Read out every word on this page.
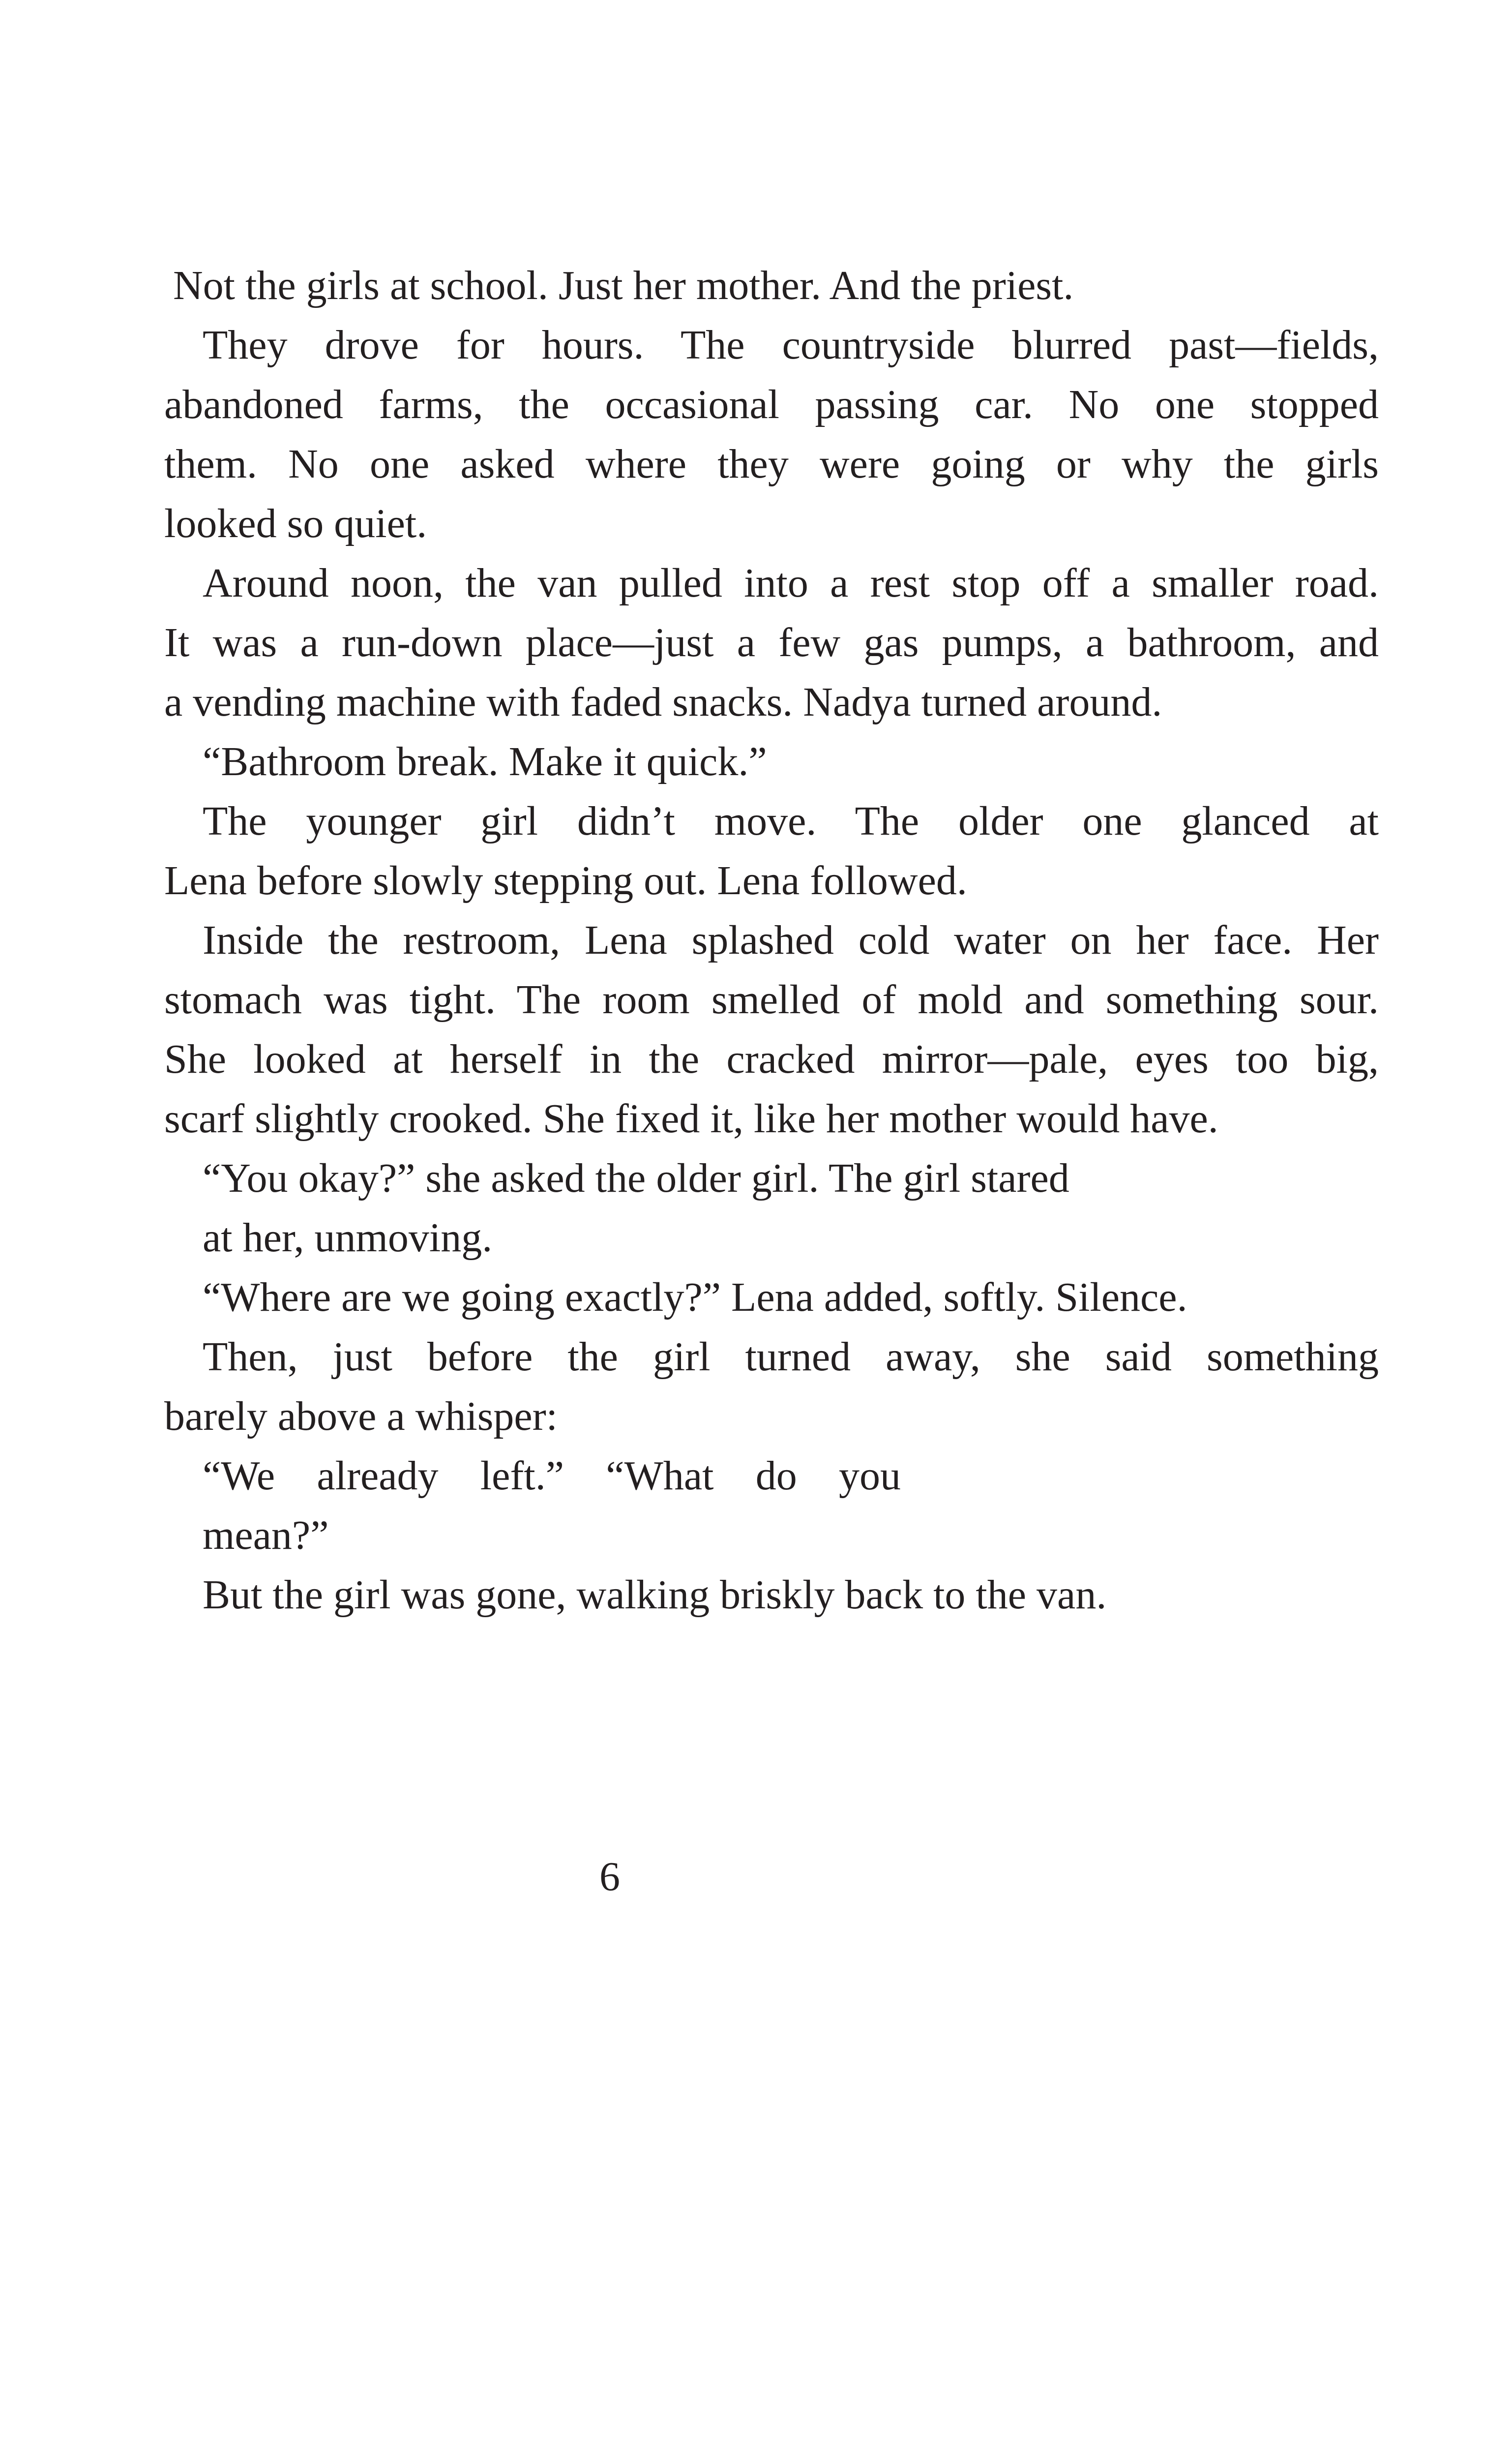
Not the girls at school. Just her mother. And the priest.
They drove for hours. The countryside blurred past—fields,
abandoned farms, the occasional passing car. No one stopped
them. No one asked where they were going or why the girls
looked so quiet.
Around noon, the van pulled into a rest stop off a smaller road.
It was a run-down place—just a few gas pumps, a bathroom, and
a vending machine with faded snacks. Nadya turned around.
“Bathroom break. Make it quick.”
The younger girl didn’t move. The older one glanced at
Lena before slowly stepping out. Lena followed.
Inside the restroom, Lena splashed cold water on her face. Her
stomach was tight. The room smelled of mold and something sour.
She looked at herself in the cracked mirror—pale, eyes too big,
scarf slightly crooked. She fixed it, like her mother would have.
“You okay?” she asked the older girl. The girl stared
at her, unmoving.
“Where are we going exactly?” Lena added, softly. Silence.
Then, just before the girl turned away, she said something
barely above a whisper:
“We already left.” “What do you
mean?”
But the girl was gone, walking briskly back to the van.
6
